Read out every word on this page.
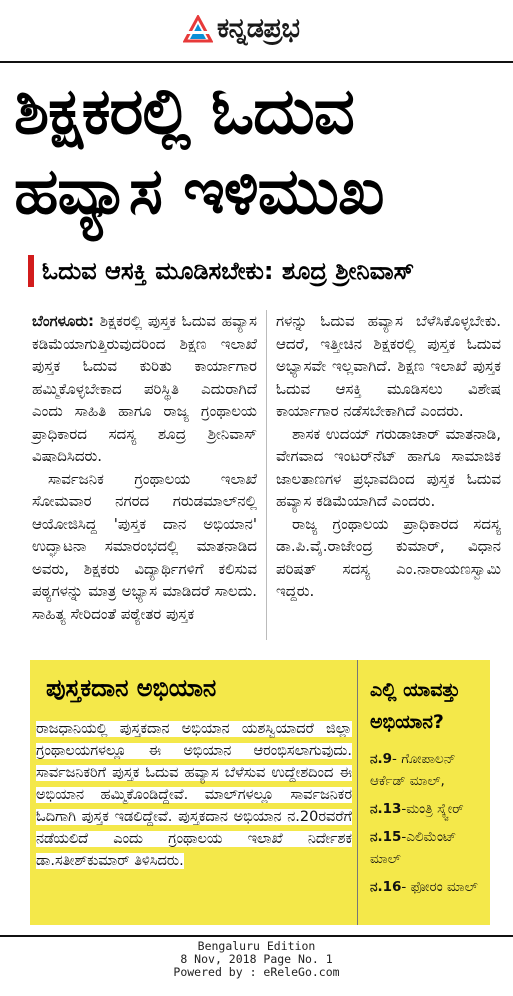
ಕನ್ನಡಪ್ರಭ
ಶಿಕ್ಷಕರಲ್ಲಿ ಓದುವ
ಹವ್ಯಾಸ ಇಳಿಮುಖ
ಓದುವ ಆಸಕ್ತಿ ಮೂಡಿಸಬೇಕು: ಶೂದ್ರ ಶ್ರೀನಿವಾಸ್

ಬೆಂಗಳೂರು: ಶಿಕ್ಷಕರಲ್ಲಿ ಪುಸ್ತಕ ಓದುವ ಹವ್ಯಾಸ ಕಡಿಮೆಯಾಗುತ್ತಿರುವುದರಿಂದ ಶಿಕ್ಷಣ ಇಲಾಖೆ ಪುಸ್ತಕ ಓದುವ ಕುರಿತು ಕಾರ್ಯಾಗಾರ ಹಮ್ಮಿಕೊಳ್ಳಬೇಕಾದ ಪರಿಸ್ಥಿತಿ ಎದುರಾಗಿದೆ ಎಂದು ಸಾಹಿತಿ ಹಾಗೂ ರಾಜ್ಯ ಗ್ರಂಥಾಲಯ ಪ್ರಾಧಿಕಾರದ ಸದಸ್ಯ ಶೂದ್ರ ಶ್ರೀನಿವಾಸ್ ವಿಷಾದಿಸಿದರು.

ಸಾರ್ವಜನಿಕ ಗ್ರಂಥಾಲಯ ಇಲಾಖೆ ಸೋಮವಾರ ನಗರದ ಗರುಡಮಾಲ್‌ನಲ್ಲಿ ಆಯೋಜಿಸಿದ್ದ 'ಪುಸ್ತಕ ದಾನ ಅಭಿಯಾನ' ಉದ್ಘಾಟನಾ ಸಮಾರಂಭದಲ್ಲಿ ಮಾತನಾಡಿದ ಅವರು, ಶಿಕ್ಷಕರು ವಿದ್ಯಾರ್ಥಿಗಳಿಗೆ ಕಲಿಸುವ ಪಠ್ಯಗಳನ್ನು ಮಾತ್ರ ಅಭ್ಯಾಸ ಮಾಡಿದರೆ ಸಾಲದು. ಸಾಹಿತ್ಯ ಸೇರಿದಂತೆ ಪಠ್ಯೇತರ ಪುಸ್ತಕ

ಗಳನ್ನು ಓದುವ ಹವ್ಯಾಸ ಬೆಳೆಸಿಕೊಳ್ಳಬೇಕು. ಆದರೆ, ಇತ್ತೀಚಿನ ಶಿಕ್ಷಕರಲ್ಲಿ ಪುಸ್ತಕ ಓದುವ ಅಭ್ಯಾಸವೇ ಇಲ್ಲವಾಗಿದೆ. ಶಿಕ್ಷಣ ಇಲಾಖೆ ಪುಸ್ತಕ ಓದುವ ಆಸಕ್ತಿ ಮೂಡಿಸಲು ವಿಶೇಷ ಕಾರ್ಯಾಗಾರ ನಡೆಸಬೇಕಾಗಿದೆ ಎಂದರು.

ಶಾಸಕ ಉದಯ್ ಗರುಡಾಚಾರ್ ಮಾತನಾಡಿ, ವೇಗವಾದ ಇಂಟರ್‌ನೆಟ್ ಹಾಗೂ ಸಾಮಾಜಿಕ ಜಾಲತಾಣಗಳ ಪ್ರಭಾವದಿಂದ ಪುಸ್ತಕ ಓದುವ ಹವ್ಯಾಸ ಕಡಿಮೆಯಾಗಿದೆ ಎಂದರು.

ರಾಜ್ಯ ಗ್ರಂಥಾಲಯ ಪ್ರಾಧಿಕಾರದ ಸದಸ್ಯ ಡಾ.ಪಿ.ವೈ.ರಾಜೇಂದ್ರ ಕುಮಾರ್, ವಿಧಾನ ಪರಿಷತ್ ಸದಸ್ಯ ಎಂ.ನಾರಾಯಣಸ್ವಾಮಿ ಇದ್ದರು.

ಪುಸ್ತಕದಾನ ಅಭಿಯಾನ
ರಾಜಧಾನಿಯಲ್ಲಿ ಪುಸ್ತಕದಾನ ಅಭಿಯಾನ ಯಶಸ್ವಿಯಾದರೆ ಜಿಲ್ಲಾ ಗ್ರಂಥಾಲಯಗಳಲ್ಲೂ ಈ ಅಭಿಯಾನ ಆರಂಭಿಸಲಾಗುವುದು. ಸಾರ್ವಜನಿಕರಿಗೆ ಪುಸ್ತಕ ಓದುವ ಹವ್ಯಾಸ ಬೆಳೆಸುವ ಉದ್ದೇಶದಿಂದ ಈ ಅಭಿಯಾನ ಹಮ್ಮಿಕೊಂಡಿದ್ದೇವೆ. ಮಾಲ್‌ಗಳಲ್ಲೂ ಸಾರ್ವಜನಿಕರ ಓದಿಗಾಗಿ ಪುಸ್ತಕ ಇಡಲಿದ್ದೇವೆ. ಪುಸ್ತಕದಾನ ಅಭಿಯಾನ ನ.20ರವರೆಗೆ ನಡೆಯಲಿದೆ ಎಂದು ಗ್ರಂಥಾಲಯ ಇಲಾಖೆ ನಿರ್ದೇಶಕ ಡಾ.ಸತೀಶ್‌ಕುಮಾರ್ ತಿಳಿಸಿದರು.
ಎಲ್ಲಿ ಯಾವತ್ತು ಅಭಿಯಾನ?
ನ.9- ಗೋಪಾಲನ್ ಆರ್ಕೆಡ್ ಮಾಲ್,
ನ.13-ಮಂತ್ರಿ ಸ್ಕ್ವೇರ್
ನ.15-ಎಲಿಮೆಂಟ್ ಮಾಲ್
ನ.16- ಫೋರಂ ಮಾಲ್
Bengaluru Edition
8 Nov, 2018 Page No. 1
Powered by : eReleGo.com
